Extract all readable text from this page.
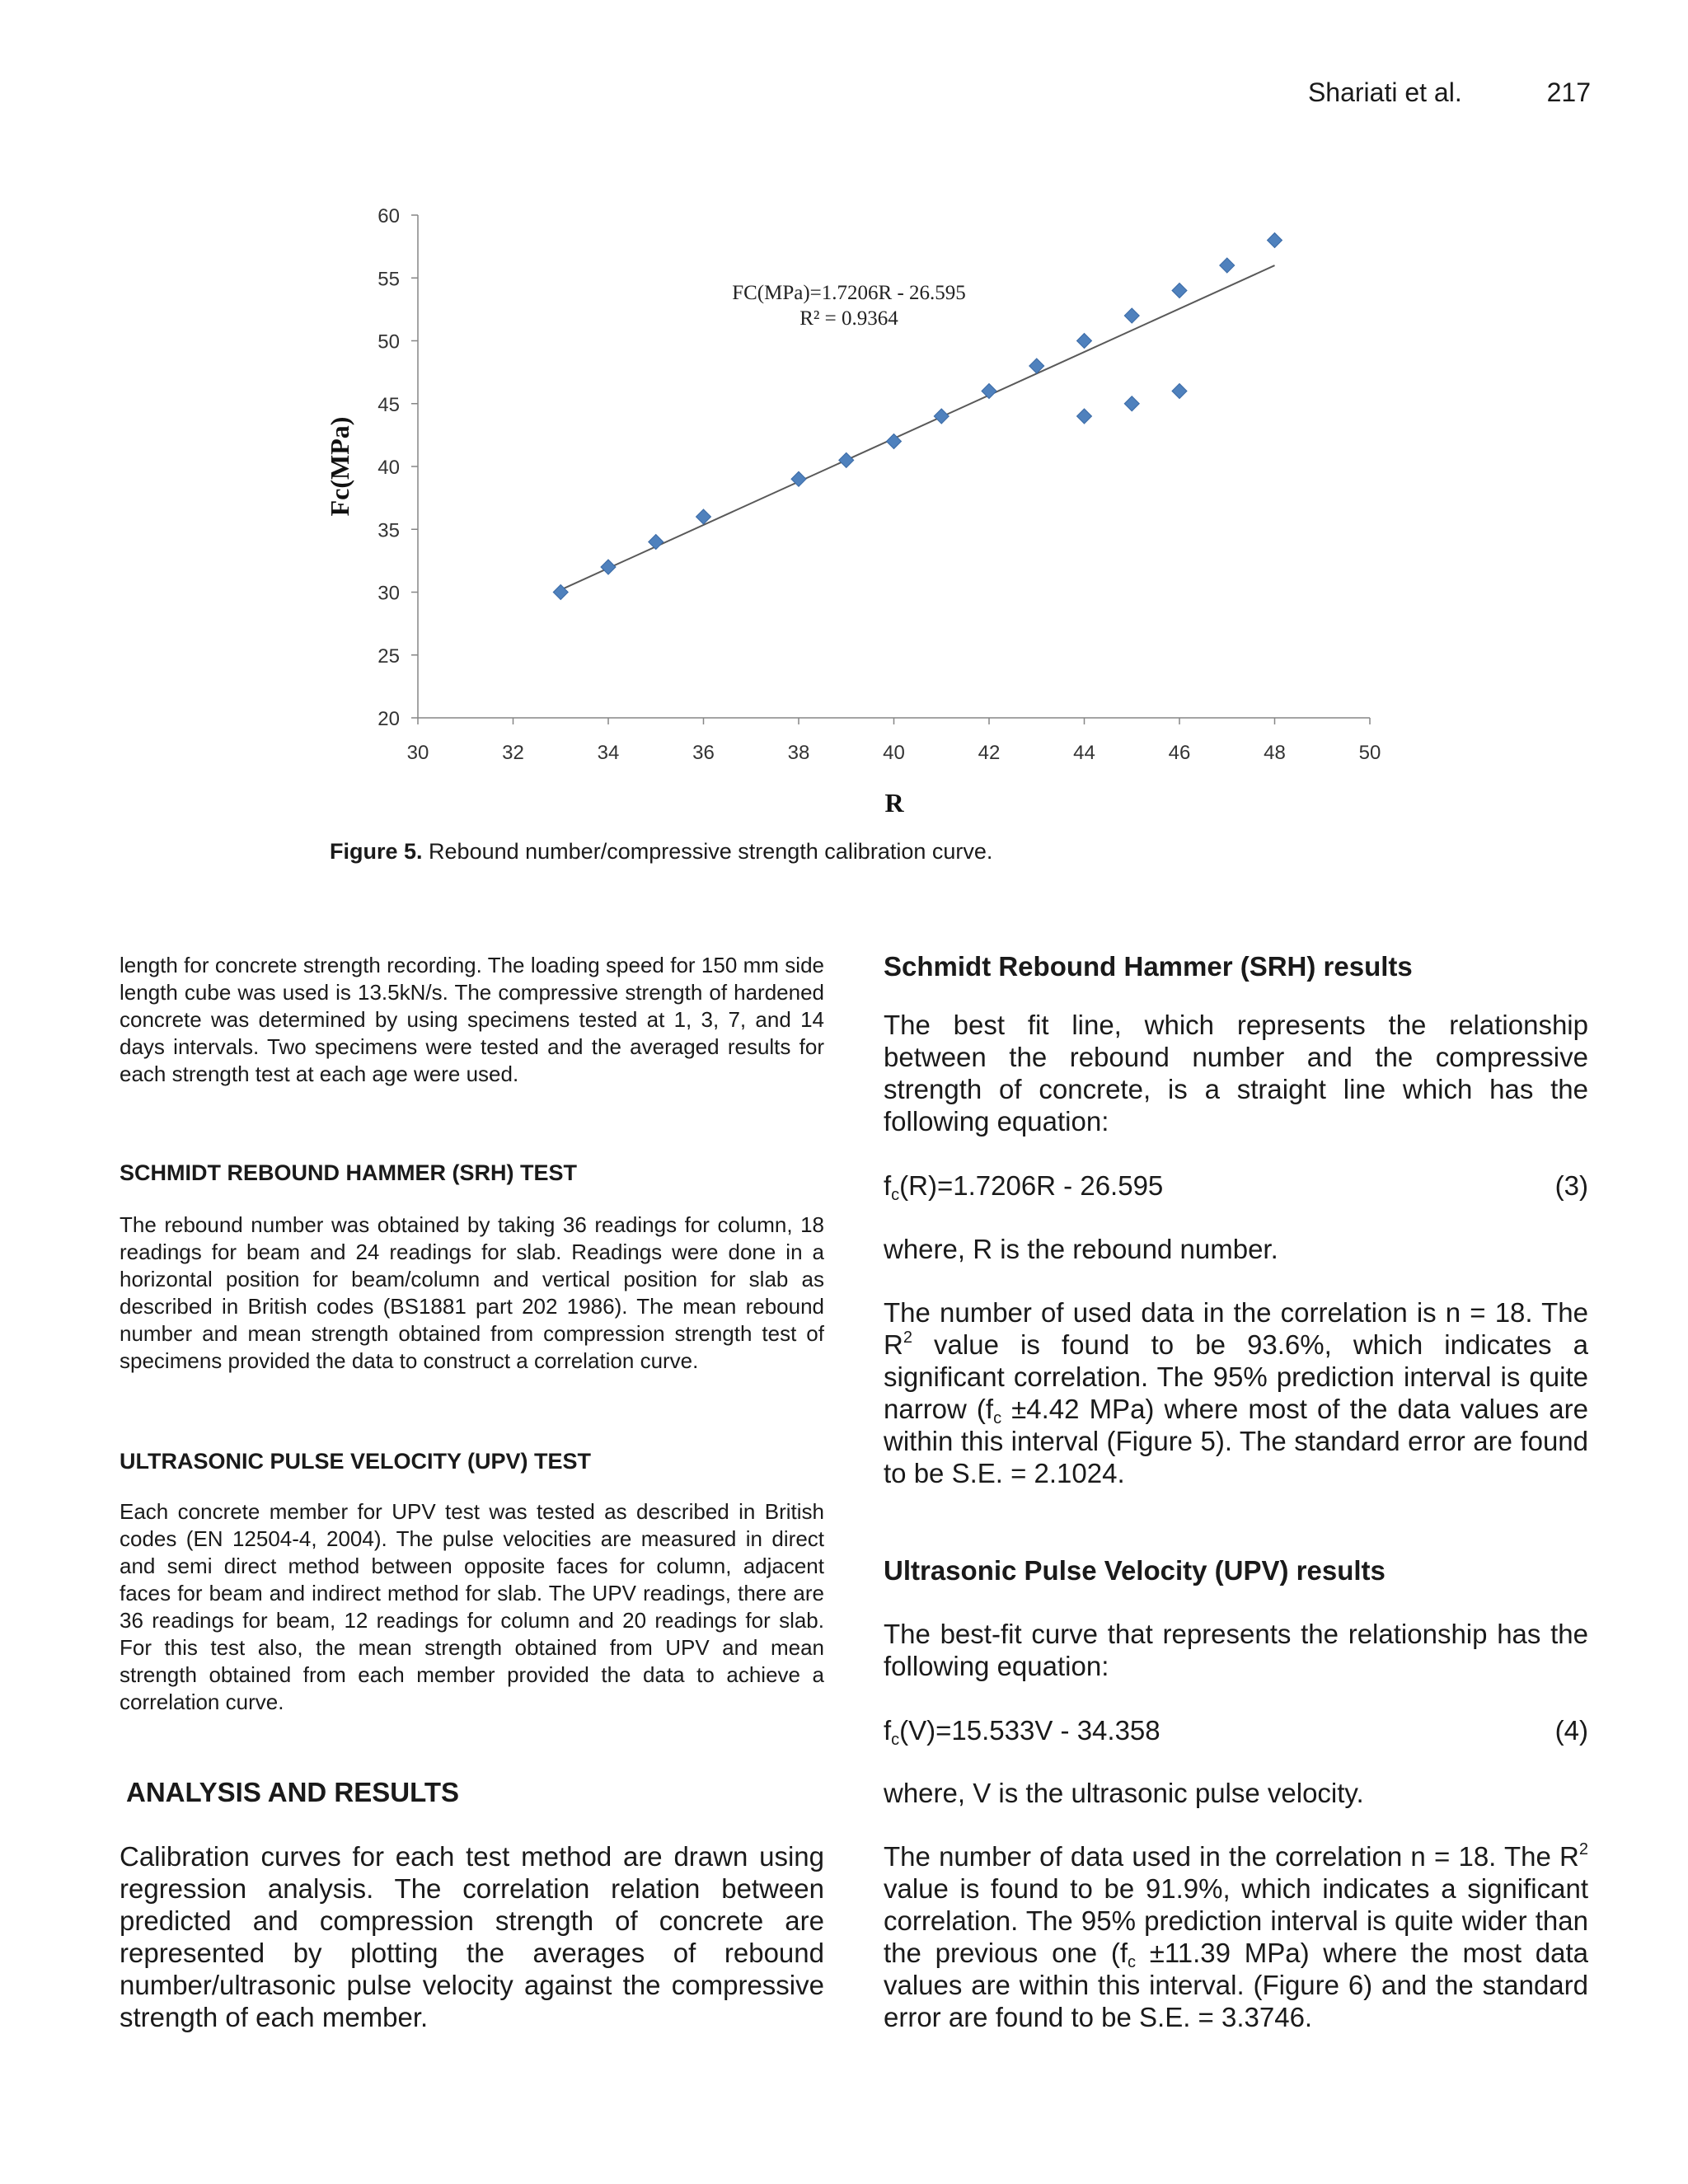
Shariati et al.	217
20
25
30
35
40
45
50
55
60
30	32	34	36	38	40	42	44	46	48	50
FC(MPa)=1.7206R - 26.595
R² = 0.9364
R
Fc(MPa)
Figure 5. Rebound number/compressive strength calibration curve.

length for concrete strength recording. The loading speed for 150 mm side length cube was used is 13.5kN/s. The compressive strength of hardened concrete was determined by using specimens tested at 1, 3, 7, and 14 days intervals. Two specimens were tested and the averaged results for each strength test at each age were used.

SCHMIDT REBOUND HAMMER (SRH) TEST

The rebound number was obtained by taking 36 readings for column, 18 readings for beam and 24 readings for slab. Readings were done in a horizontal position for beam/column and vertical position for slab as described in British codes (BS1881 part 202 1986). The mean rebound number and mean strength obtained from compression strength test of specimens provided the data to construct a correlation curve.

ULTRASONIC PULSE VELOCITY (UPV) TEST

Each concrete member for UPV test was tested as described in British codes (EN 12504-4, 2004). The pulse velocities are measured in direct and semi direct method between opposite faces for column, adjacent faces for beam and indirect method for slab. The UPV readings, there are 36 readings for beam, 12 readings for column and 20 readings for slab. For this test also, the mean strength obtained from UPV and mean strength obtained from each member provided the data to achieve a correlation curve.

ANALYSIS AND RESULTS

Calibration curves for each test method are drawn using regression analysis. The correlation relation between predicted and compression strength of concrete are represented by plotting the averages of rebound number/ultrasonic pulse velocity against the compressive strength of each member.

Schmidt Rebound Hammer (SRH) results

The best fit line, which represents the relationship between the rebound number and the compressive strength of concrete, is a straight line which has the following equation:

$f_c(R)=1.7206R - 26.595$	(3)

where, R is the rebound number.

The number of used data in the correlation is n = 18. The $R^2$ value is found to be 93.6%, which indicates a significant correlation. The 95% prediction interval is quite narrow ($f_c \pm 4.42$ MPa) where most of the data values are within this interval (Figure 5). The standard error are found to be S.E. = 2.1024.

Ultrasonic Pulse Velocity (UPV) results

The best-fit curve that represents the relationship has the following equation:

$f_c(V)=15.533V - 34.358$	(4)

where, V is the ultrasonic pulse velocity.

The number of data used in the correlation n = 18. The $R^2$ value is found to be 91.9%, which indicates a significant correlation. The 95% prediction interval is quite wider than the previous one ($f_c \pm 11.39$ MPa) where the most data values are within this interval. (Figure 6) and the standard error are found to be S.E. = 3.3746.
